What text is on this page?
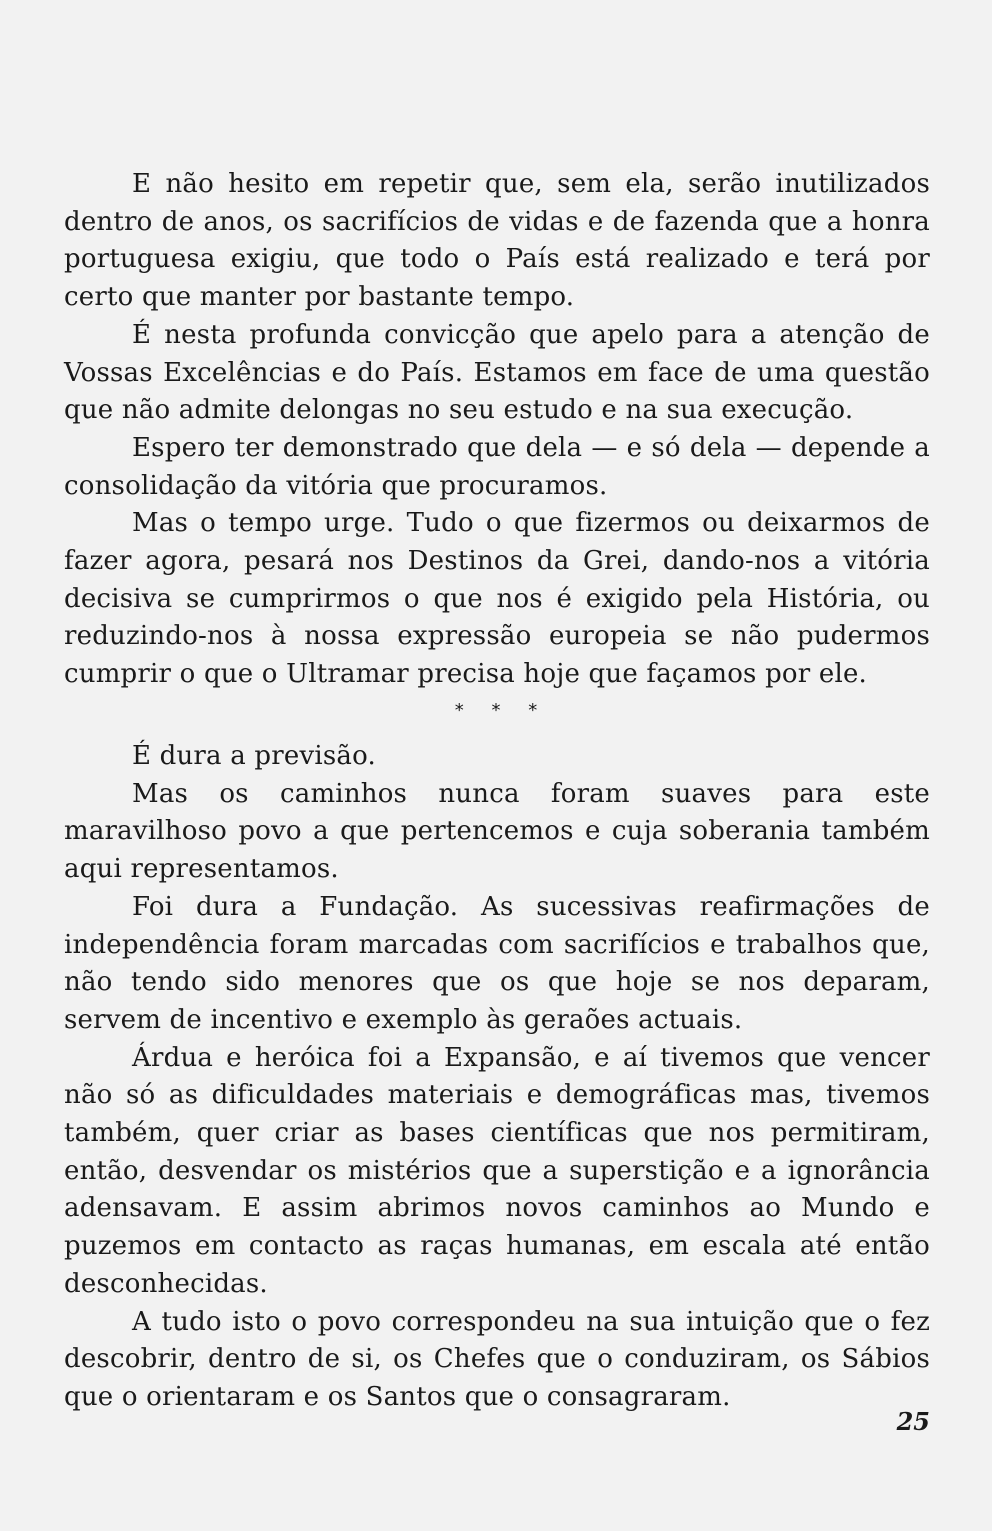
E não hesito em repetir que, sem ela, serão inutilizados dentro de anos, os sacrifícios de vidas e de fazenda que a honra portuguesa exigiu, que todo o País está realizado e terá por certo que manter por bastante tempo.

É nesta profunda convicção que apelo para a atenção de Vossas Excelências e do País. Estamos em face de uma questão que não admite delongas no seu estudo e na sua execução.

Espero ter demonstrado que dela — e só dela — depende a consolidação da vitória que procuramos.

Mas o tempo urge. Tudo o que fizermos ou deixarmos de fazer agora, pesará nos Destinos da Grei, dando-nos a vitória decisiva se cumprirmos o que nos é exigido pela História, ou reduzindo-nos à nossa expressão europeia se não pudermos cumprir o que o Ultramar precisa hoje que façamos por ele.

* * *

É dura a previsão.

Mas os caminhos nunca foram suaves para este maravilhoso povo a que pertencemos e cuja soberania também aqui representamos.

Foi dura a Fundação. As sucessivas reafirmações de independência foram marcadas com sacrifícios e trabalhos que, não tendo sido menores que os que hoje se nos deparam, servem de incentivo e exemplo às geraões actuais.

Árdua e heróica foi a Expansão, e aí tivemos que vencer não só as dificuldades materiais e demográficas mas, tivemos também, quer criar as bases científicas que nos permitiram, então, desvendar os mistérios que a superstição e a ignorância adensavam. E assim abrimos novos caminhos ao Mundo e puzemos em contacto as raças humanas, em escala até então desconhecidas.

A tudo isto o povo correspondeu na sua intuição que o fez descobrir, dentro de si, os Chefes que o conduziram, os Sábios que o orientaram e os Santos que o consagraram.

25
